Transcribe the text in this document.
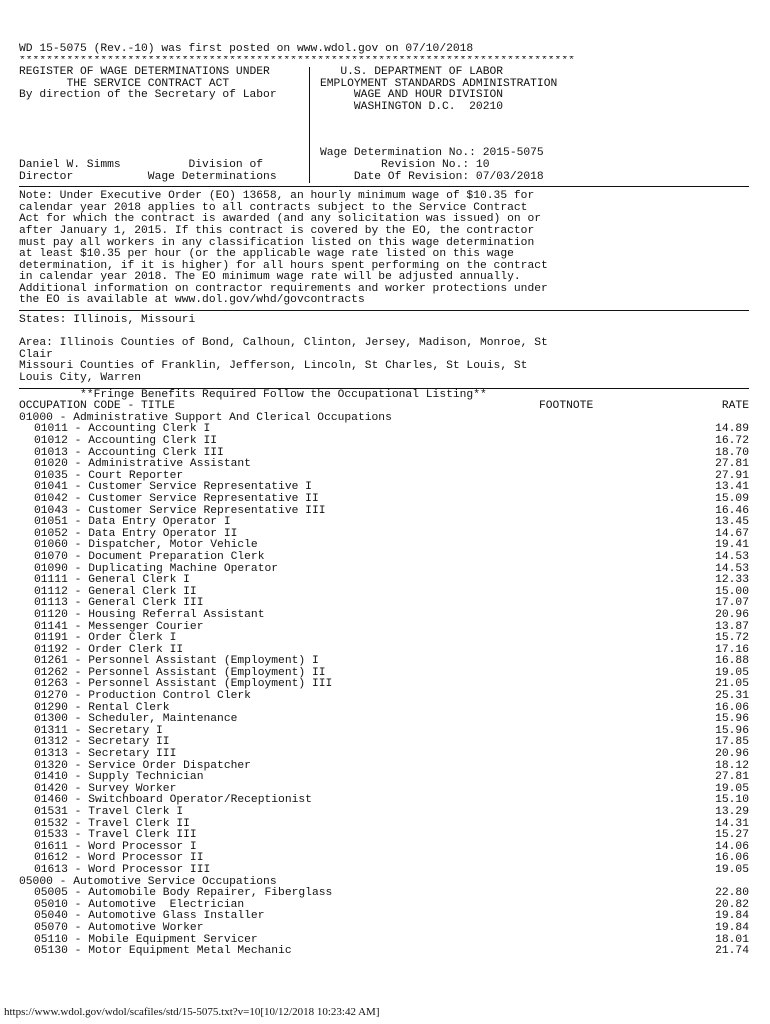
WD 15-5075 (Rev.-10) was first posted on www.wdol.gov on 07/10/2018
**********************************************************************************
REGISTER OF WAGE DETERMINATIONS UNDER
THE SERVICE CONTRACT ACT
By direction of the Secretary of Labor
Daniel W. Simms          Division of
Director           Wage Determinations
U.S. DEPARTMENT OF LABOR
EMPLOYMENT STANDARDS ADMINISTRATION
WAGE AND HOUR DIVISION
WASHINGTON D.C.  20210
Wage Determination No.: 2015-5075
Revision No.: 10
Date Of Revision: 07/03/2018
Note: Under Executive Order (EO) 13658, an hourly minimum wage of $10.35 for
calendar year 2018 applies to all contracts subject to the Service Contract
Act for which the contract is awarded (and any solicitation was issued) on or
after January 1, 2015. If this contract is covered by the EO, the contractor
must pay all workers in any classification listed on this wage determination
at least $10.35 per hour (or the applicable wage rate listed on this wage
determination, if it is higher) for all hours spent performing on the contract
in calendar year 2018. The EO minimum wage rate will be adjusted annually.
Additional information on contractor requirements and worker protections under
the EO is available at www.dol.gov/whd/govcontracts
States: Illinois, Missouri
Area: Illinois Counties of Bond, Calhoun, Clinton, Jersey, Madison, Monroe, St
Clair
Missouri Counties of Franklin, Jefferson, Lincoln, St Charles, St Louis, St
Louis City, Warren
**Fringe Benefits Required Follow the Occupational Listing**
OCCUPATION CODE - TITLE	FOOTNOTE	RATE
01000 - Administrative Support And Clerical Occupations
01011 - Accounting Clerk I	14.89
01012 - Accounting Clerk II	16.72
01013 - Accounting Clerk III	18.70
01020 - Administrative Assistant	27.81
01035 - Court Reporter	27.91
01041 - Customer Service Representative I	13.41
01042 - Customer Service Representative II	15.09
01043 - Customer Service Representative III	16.46
01051 - Data Entry Operator I	13.45
01052 - Data Entry Operator II	14.67
01060 - Dispatcher, Motor Vehicle	19.41
01070 - Document Preparation Clerk	14.53
01090 - Duplicating Machine Operator	14.53
01111 - General Clerk I	12.33
01112 - General Clerk II	15.00
01113 - General Clerk III	17.07
01120 - Housing Referral Assistant	20.96
01141 - Messenger Courier	13.87
01191 - Order Clerk I	15.72
01192 - Order Clerk II	17.16
01261 - Personnel Assistant (Employment) I	16.88
01262 - Personnel Assistant (Employment) II	19.05
01263 - Personnel Assistant (Employment) III	21.05
01270 - Production Control Clerk	25.31
01290 - Rental Clerk	16.06
01300 - Scheduler, Maintenance	15.96
01311 - Secretary I	15.96
01312 - Secretary II	17.85
01313 - Secretary III	20.96
01320 - Service Order Dispatcher	18.12
01410 - Supply Technician	27.81
01420 - Survey Worker	19.05
01460 - Switchboard Operator/Receptionist	15.10
01531 - Travel Clerk I	13.29
01532 - Travel Clerk II	14.31
01533 - Travel Clerk III	15.27
01611 - Word Processor I	14.06
01612 - Word Processor II	16.06
01613 - Word Processor III	19.05
05000 - Automotive Service Occupations
05005 - Automobile Body Repairer, Fiberglass	22.80
05010 - Automotive  Electrician	20.82
05040 - Automotive Glass Installer	19.84
05070 - Automotive Worker	19.84
05110 - Mobile Equipment Servicer	18.01
05130 - Motor Equipment Metal Mechanic	21.74
https://www.wdol.gov/wdol/scafiles/std/15-5075.txt?v=10[10/12/2018 10:23:42 AM]
